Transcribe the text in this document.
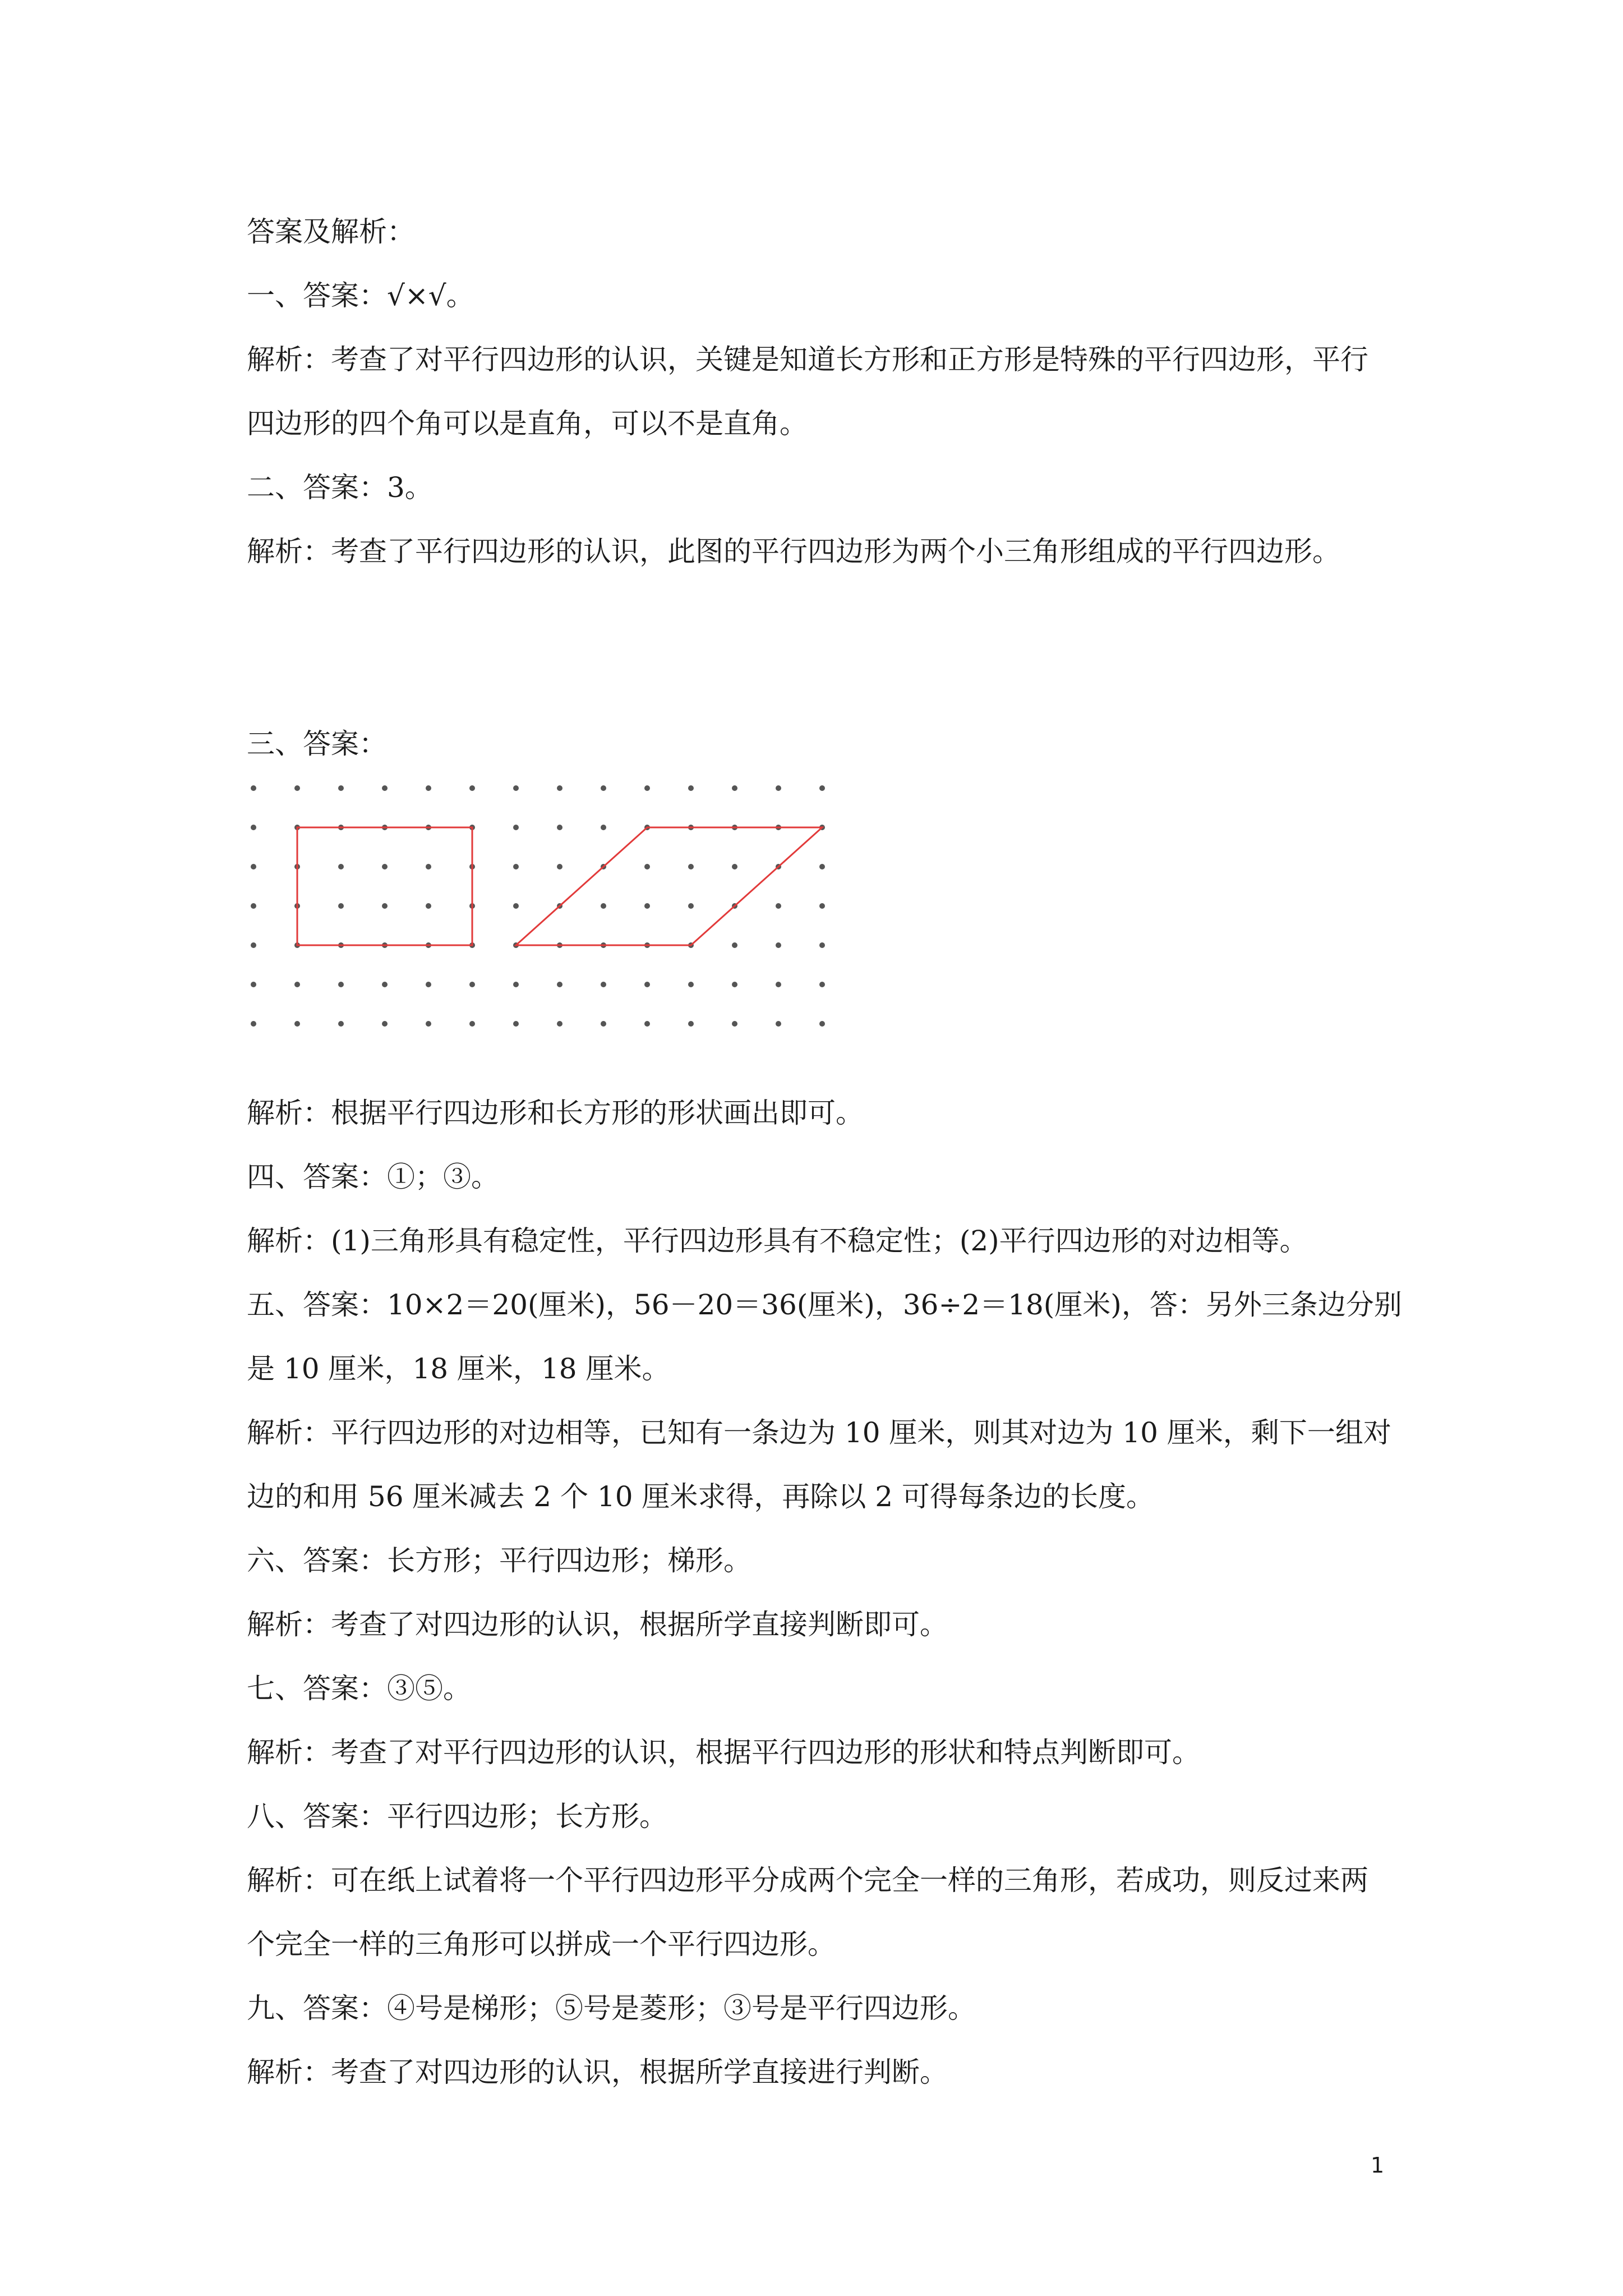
答案及解析：
一、答案：√×√。
解析：考查了对平行四边形的认识，关键是知道长方形和正方形是特殊的平行四边形，平行
四边形的四个角可以是直角，可以不是直角。
二、答案：3。
解析：考查了平行四边形的认识，此图的平行四边形为两个小三角形组成的平行四边形。
三、答案：
解析：根据平行四边形和长方形的形状画出即可。
四、答案：①；③。
解析：(1)三角形具有稳定性，平行四边形具有不稳定性；(2)平行四边形的对边相等。
五、答案：10×2＝20(厘米)，56－20＝36(厘米)，36÷2＝18(厘米)，答：另外三条边分别
是 10 厘米，18 厘米，18 厘米。
解析：平行四边形的对边相等，已知有一条边为 10 厘米，则其对边为 10 厘米，剩下一组对
边的和用 56 厘米减去 2 个 10 厘米求得，再除以 2 可得每条边的长度。
六、答案：长方形；平行四边形；梯形。
解析：考查了对四边形的认识，根据所学直接判断即可。
七、答案：③⑤。
解析：考查了对平行四边形的认识，根据平行四边形的形状和特点判断即可。
八、答案：平行四边形；长方形。
解析：可在纸上试着将一个平行四边形平分成两个完全一样的三角形，若成功，则反过来两
个完全一样的三角形可以拼成一个平行四边形。
九、答案：④号是梯形；⑤号是菱形；③号是平行四边形。
解析：考查了对四边形的认识，根据所学直接进行判断。
1
